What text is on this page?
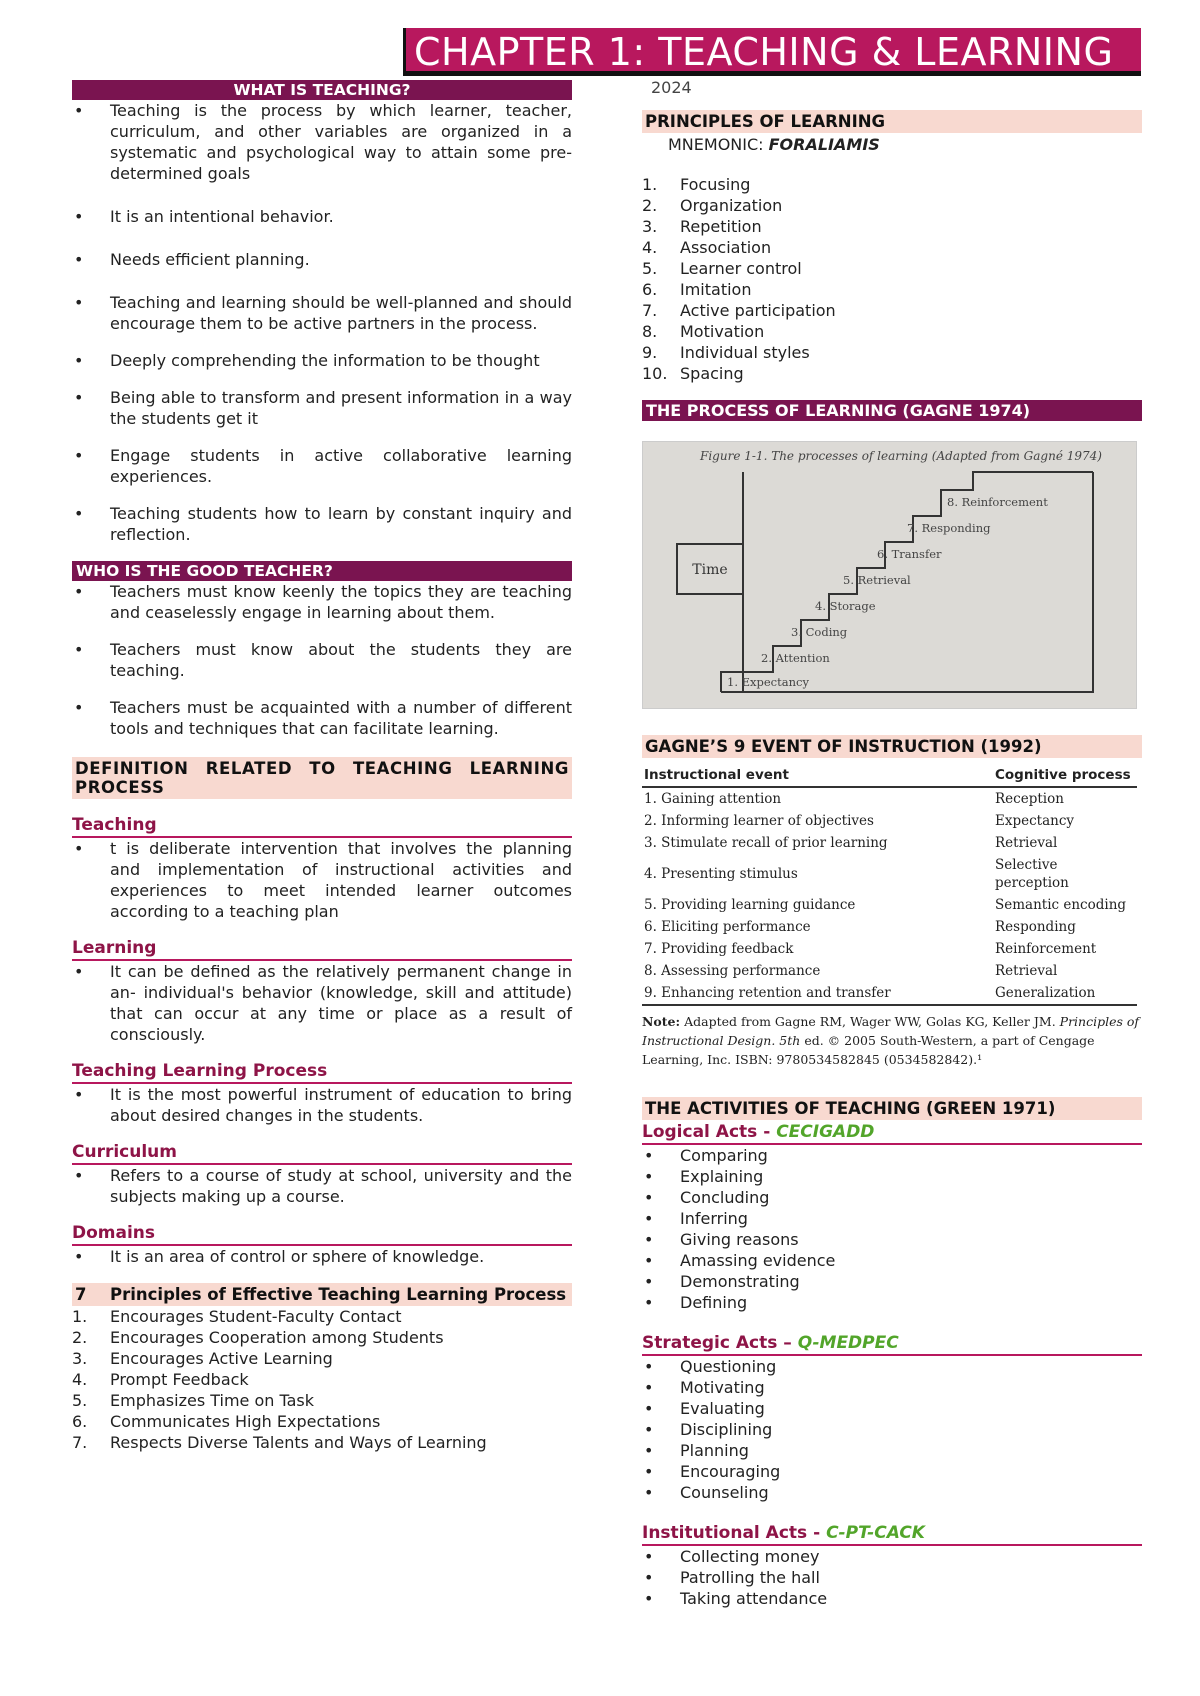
CHAPTER 1: TEACHING & LEARNING
2024
WHAT IS TEACHING?
• Teaching is the process by which learner, teacher, curriculum, and other variables are organized in a systematic and psychological way to attain some pre-determined goals
• It is an intentional behavior.
• Needs efficient planning.
• Teaching and learning should be well-planned and should encourage them to be active partners in the process.
• Deeply comprehending the information to be thought
• Being able to transform and present information in a way the students get it
• Engage students in active collaborative learning experiences.
• Teaching students how to learn by constant inquiry and reflection.
WHO IS THE GOOD TEACHER?
• Teachers must know keenly the topics they are teaching and ceaselessly engage in learning about them.
• Teachers must know about the students they are teaching.
• Teachers must be acquainted with a number of different tools and techniques that can facilitate learning.
DEFINITION RELATED TO TEACHING LEARNING PROCESS
Teaching
• t is deliberate intervention that involves the planning and implementation of instructional activities and experiences to meet intended learner outcomes according to a teaching plan
Learning
• It can be defined as the relatively permanent change in an- individual's behavior (knowledge, skill and attitude) that can occur at any time or place as a result of consciously.
Teaching Learning Process
• It is the most powerful instrument of education to bring about desired changes in the students.
Curriculum
• Refers to a course of study at school, university and the subjects making up a course.
Domains
• It is an area of control or sphere of knowledge.
7 Principles of Effective Teaching Learning Process
1. Encourages Student-Faculty Contact
2. Encourages Cooperation among Students
3. Encourages Active Learning
4. Prompt Feedback
5. Emphasizes Time on Task
6. Communicates High Expectations
7. Respects Diverse Talents and Ways of Learning
PRINCIPLES OF LEARNING
MNEMONIC: FORALIAMIS
1. Focusing
2. Organization
3. Repetition
4. Association
5. Learner control
6. Imitation
7. Active participation
8. Motivation
9. Individual styles
10. Spacing
THE PROCESS OF LEARNING (GAGNE 1974)
Time
Figure 1-1. The processes of learning (Adapted from Gagné 1974)
1. Expectancy
2. Attention
3. Coding
4. Storage
5. Retrieval
6. Transfer
7. Responding
8. Reinforcement
GAGNE’S 9 EVENT OF INSTRUCTION (1992)
Instructional event	Cognitive process
1. Gaining attention	Reception
2. Informing learner of objectives	Expectancy
3. Stimulate recall of prior learning	Retrieval
4. Presenting stimulus	Selective perception
5. Providing learning guidance	Semantic encoding
6. Eliciting performance	Responding
7. Providing feedback	Reinforcement
8. Assessing performance	Retrieval
9. Enhancing retention and transfer	Generalization
Note: Adapted from Gagne RM, Wager WW, Golas KG, Keller JM. Principles of Instructional Design. 5th ed. © 2005 South-Western, a part of Cengage Learning, Inc. ISBN: 9780534582845 (0534582842).¹
THE ACTIVITIES OF TEACHING (GREEN 1971)
Logical Acts - CECIGADD
• Comparing
• Explaining
• Concluding
• Inferring
• Giving reasons
• Amassing evidence
• Demonstrating
• Defining
Strategic Acts – Q-MEDPEC
• Questioning
• Motivating
• Evaluating
• Disciplining
• Planning
• Encouraging
• Counseling
Institutional Acts - C-PT-CACK
• Collecting money
• Patrolling the hall
• Taking attendance
